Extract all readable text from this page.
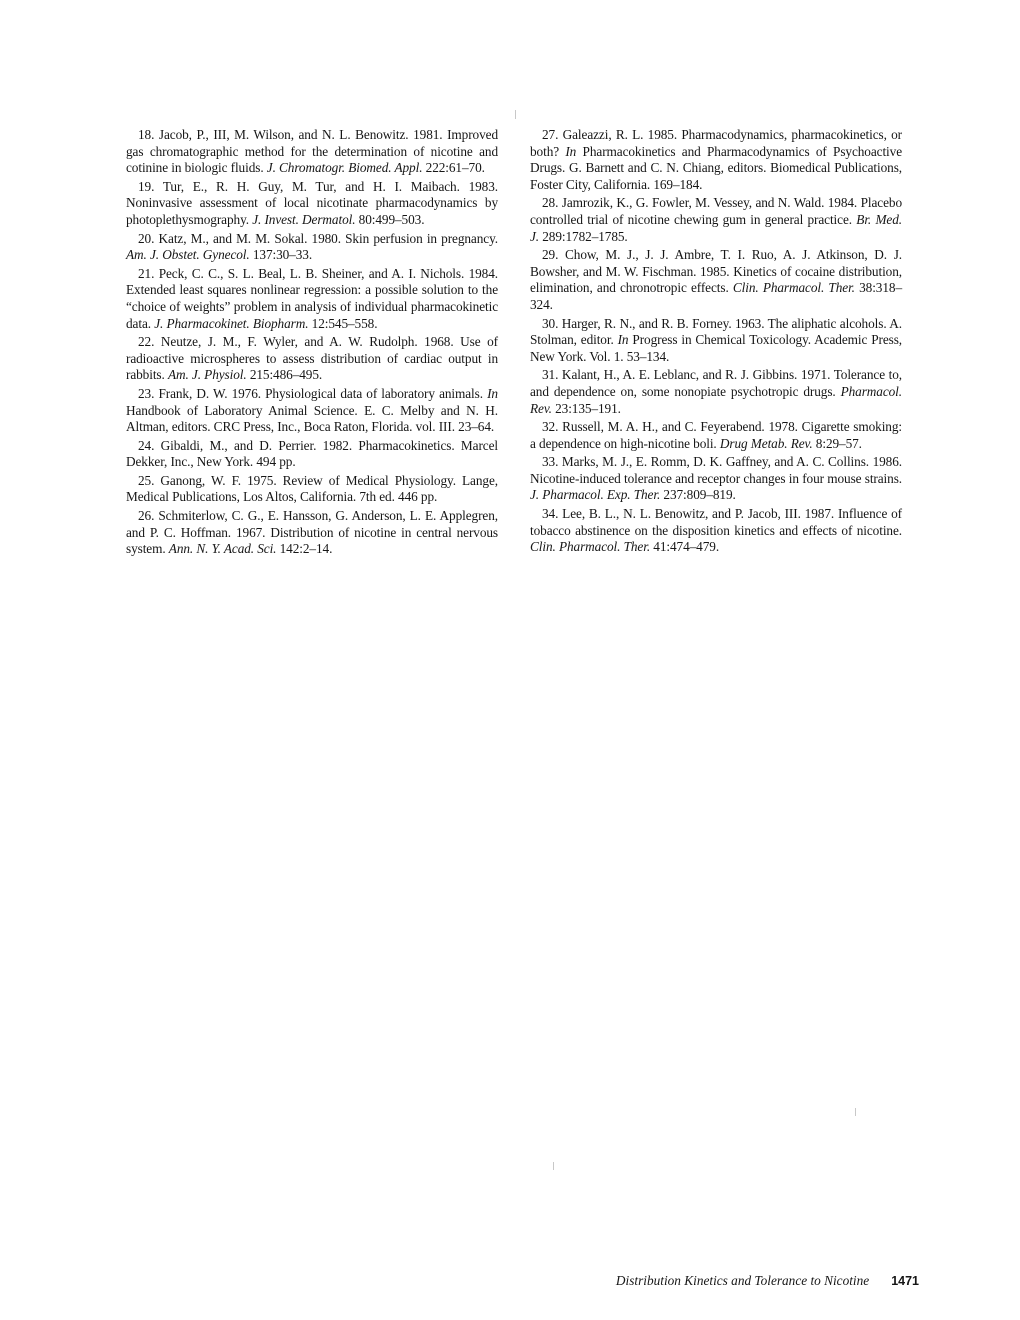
18. Jacob, P., III, M. Wilson, and N. L. Benowitz. 1981. Improved gas chromatographic method for the determination of nicotine and cotinine in biologic fluids. J. Chromatogr. Biomed. Appl. 222:61–70.

19. Tur, E., R. H. Guy, M. Tur, and H. I. Maibach. 1983. Noninvasive assessment of local nicotinate pharmacodynamics by photoplethysmography. J. Invest. Dermatol. 80:499–503.

20. Katz, M., and M. M. Sokal. 1980. Skin perfusion in pregnancy. Am. J. Obstet. Gynecol. 137:30–33.

21. Peck, C. C., S. L. Beal, L. B. Sheiner, and A. I. Nichols. 1984. Extended least squares nonlinear regression: a possible solution to the “choice of weights” problem in analysis of individual pharmacokinetic data. J. Pharmacokinet. Biopharm. 12:545–558.

22. Neutze, J. M., F. Wyler, and A. W. Rudolph. 1968. Use of radioactive microspheres to assess distribution of cardiac output in rabbits. Am. J. Physiol. 215:486–495.

23. Frank, D. W. 1976. Physiological data of laboratory animals. In Handbook of Laboratory Animal Science. E. C. Melby and N. H. Altman, editors. CRC Press, Inc., Boca Raton, Florida. vol. III. 23–64.

24. Gibaldi, M., and D. Perrier. 1982. Pharmacokinetics. Marcel Dekker, Inc., New York. 494 pp.

25. Ganong, W. F. 1975. Review of Medical Physiology. Lange, Medical Publications, Los Altos, California. 7th ed. 446 pp.

26. Schmiterlow, C. G., E. Hansson, G. Anderson, L. E. Applegren, and P. C. Hoffman. 1967. Distribution of nicotine in central nervous system. Ann. N. Y. Acad. Sci. 142:2–14.

27. Galeazzi, R. L. 1985. Pharmacodynamics, pharmacokinetics, or both? In Pharmacokinetics and Pharmacodynamics of Psychoactive Drugs. G. Barnett and C. N. Chiang, editors. Biomedical Publications, Foster City, California. 169–184.

28. Jamrozik, K., G. Fowler, M. Vessey, and N. Wald. 1984. Placebo controlled trial of nicotine chewing gum in general practice. Br. Med. J. 289:1782–1785.

29. Chow, M. J., J. J. Ambre, T. I. Ruo, A. J. Atkinson, D. J. Bowsher, and M. W. Fischman. 1985. Kinetics of cocaine distribution, elimination, and chronotropic effects. Clin. Pharmacol. Ther. 38:318–324.

30. Harger, R. N., and R. B. Forney. 1963. The aliphatic alcohols. A. Stolman, editor. In Progress in Chemical Toxicology. Academic Press, New York. Vol. 1. 53–134.

31. Kalant, H., A. E. Leblanc, and R. J. Gibbins. 1971. Tolerance to, and dependence on, some nonopiate psychotropic drugs. Pharmacol. Rev. 23:135–191.

32. Russell, M. A. H., and C. Feyerabend. 1978. Cigarette smoking: a dependence on high-nicotine boli. Drug Metab. Rev. 8:29–57.

33. Marks, M. J., E. Romm, D. K. Gaffney, and A. C. Collins. 1986. Nicotine-induced tolerance and receptor changes in four mouse strains. J. Pharmacol. Exp. Ther. 237:809–819.

34. Lee, B. L., N. L. Benowitz, and P. Jacob, III. 1987. Influence of tobacco abstinence on the disposition kinetics and effects of nicotine. Clin. Pharmacol. Ther. 41:474–479.

Distribution Kinetics and Tolerance to Nicotine 1471
